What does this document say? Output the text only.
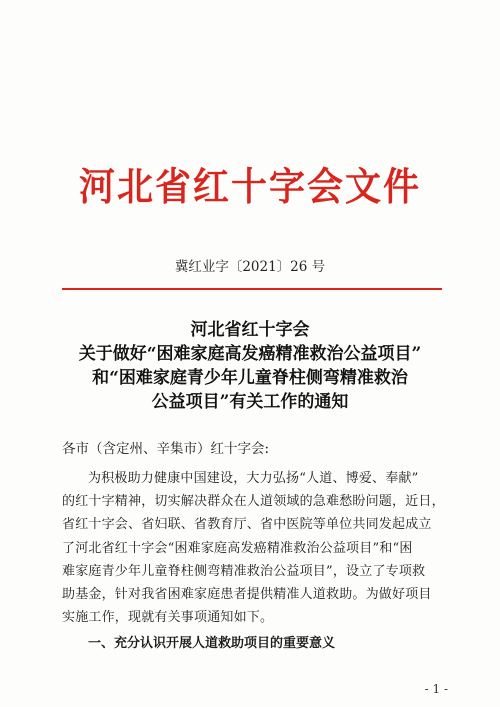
河北省红十字会文件
冀红业字〔2021〕26 号
河北省红十字会
关于做好“困难家庭高发癌精准救治公益项目”
和“困难家庭青少年儿童脊柱侧弯精准救治
公益项目”有关工作的通知
各市（含定州、辛集市）红十字会:
为积极助力健康中国建设，大力弘扬“人道、博爱、奉献”
的红十字精神，切实解决群众在人道领域的急难愁盼问题，近日，
省红十字会、省妇联、省教育厅、省中医院等单位共同发起成立
了河北省红十字会“困难家庭高发癌精准救治公益项目”和“困
难家庭青少年儿童脊柱侧弯精准救治公益项目”，设立了专项救
助基金，针对我省困难家庭患者提供精准人道救助。为做好项目
实施工作，现就有关事项通知如下。
一、充分认识开展人道救助项目的重要意义
- 1 -
